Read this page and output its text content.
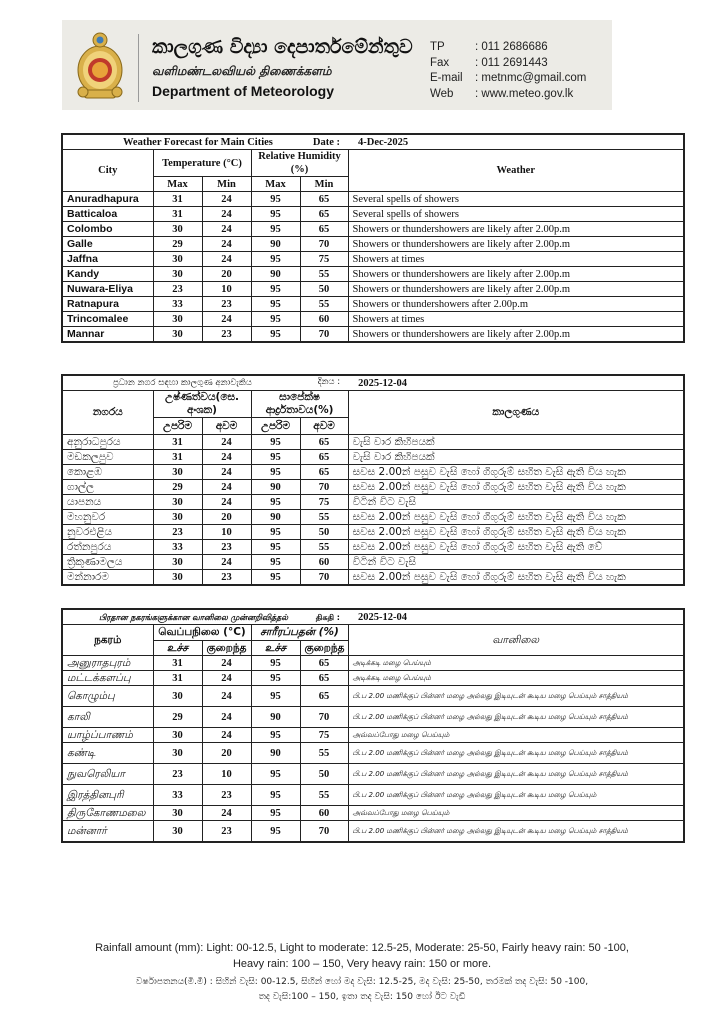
කාලගුණ විද්‍යා දෙපාර්තමේන්තුව
வளிமண்டலவியல் திணைக்களம்
Department of Meteorology
TP	: 011 2686686
Fax	: 011 2691443
E-mail	: metnmc@gmail.com
Web	: www.meteo.gov.lk
Weather Forecast for Main Cities Date :					4-Dec-2025
City	Temperature (°C)		Relative Humidity (%)		Weather
	Max	Min	Max	Min	
Anuradhapura	31	24	95	65	Several spells of showers
Batticaloa	31	24	95	65	Several spells of showers
Colombo	30	24	95	65	Showers or thundershowers are likely after 2.00p.m
Galle	29	24	90	70	Showers or thundershowers are likely after 2.00p.m
Jaffna	30	24	95	75	Showers at times
Kandy	30	20	90	55	Showers or thundershowers are likely after 2.00p.m
Nuwara-Eliya	23	10	95	50	Showers or thundershowers are likely after 2.00p.m
Ratnapura	33	23	95	55	Showers or thundershowers after 2.00p.m
Trincomalee	30	24	95	60	Showers at times
Mannar	30	23	95	70	Showers or thundershowers are likely after 2.00p.m
ප්‍රධාන නගර සඳහා කාලගුණ අනාවැකිය දිනය :					2025-12-04
නගරය	උෂ්ණත්වය(සෙ. අංශක)		සාපේක්ෂ ආර්ද්‍රතාවය(%)		කාලගුණය
	උපරිම	අවම	උපරිම	අවම	
අනුරාධපුරය	31	24	95	65	වැසි වාර කිහිපයක්
මඩකලපුව	31	24	95	65	වැසි වාර කිහිපයක්
කොළඹ	30	24	95	65	සවස 2.00න් පසුව වැසි හෝ ගිගුරුම් සහිත වැසි ඇති විය හැක
ගාල්ල	29	24	90	70	සවස 2.00න් පසුව වැසි හෝ ගිගුරුම් සහිත වැසි ඇති විය හැක
යාපනය	30	24	95	75	විටින් විට වැසි
මහනුවර	30	20	90	55	සවස 2.00න් පසුව වැසි හෝ ගිගුරුම් සහිත වැසි ඇති විය හැක
නුවරඑළිය	23	10	95	50	සවස 2.00න් පසුව වැසි හෝ ගිගුරුම් සහිත වැසි ඇති විය හැක
රත්නපුරය	33	23	95	55	සවස 2.00න් පසුව වැසි හෝ ගිගුරුම් සහිත වැසි ඇති වේ
ත්‍රිකුණාමලය	30	24	95	60	විටින් විට වැසි
මන්නාරම	30	23	95	70	සවස 2.00න් පසුව වැසි හෝ ගිගුරුම් සහිත වැසි ඇති විය හැක
பிரதான நகரங்களுக்கான வானிலை முன்னறிவித்தல் திகதி :					2025-12-04
நகரம்	வெப்பநிலை (°C)		சாரீரப்பதன் (%)		வானிலை
	உச்ச	குறைந்த	உச்ச	குறைந்த	
அனுராதபுரம்	31	24	95	65	அடிக்கடி மழை பெய்யும்
மட்டக்களப்பு	31	24	95	65	அடிக்கடி மழை பெய்யும்
கொழும்பு	30	24	95	65	பி.ப 2.00 மணிக்குப் பின்னர் மழை அல்லது இடியுடன் கூடிய மழை பெய்யும் சாத்தியம்
காலி	29	24	90	70	பி.ப 2.00 மணிக்குப் பின்னர் மழை அல்லது இடியுடன் கூடிய மழை பெய்யும் சாத்தியம்
யாழ்ப்பாணம்	30	24	95	75	அவ்வப்போது மழை பெய்யும்
கண்டி	30	20	90	55	பி.ப 2.00 மணிக்குப் பின்னர் மழை அல்லது இடியுடன் கூடிய மழை பெய்யும் சாத்தியம்
நுவரெலியா	23	10	95	50	பி.ப 2.00 மணிக்குப் பின்னர் மழை அல்லது இடியுடன் கூடிய மழை பெய்யும் சாத்தியம்
இரத்தினபுரி	33	23	95	55	பி.ப 2.00 மணிக்குப் பின்னர் மழை அல்லது இடியுடன் கூடிய மழை பெய்யும்
திருகோணமலை	30	24	95	60	அவ்வப்போது மழை பெய்யும்
மன்னார்	30	23	95	70	பி.ப 2.00 மணிக்குப் பின்னர் மழை அல்லது இடியுடன் கூடிய மழை பெய்யும் சாத்தியம்
Rainfall amount (mm): Light: 00-12.5, Light to moderate: 12.5-25, Moderate: 25-50, Fairly heavy rain: 50 -100,
Heavy rain: 100 – 150, Very heavy rain: 150 or more.
වර්ෂාපතනය(මි.මී) : සිහින් වැසි: 00-12.5, සිහින් හෝ මද වැසි: 12.5-25, මද වැසි: 25-50, තරමක් තද වැසි: 50 -100,
තද වැසි:100 – 150, ඉතා තද වැසි: 150 හෝ ඊට වැඩි
